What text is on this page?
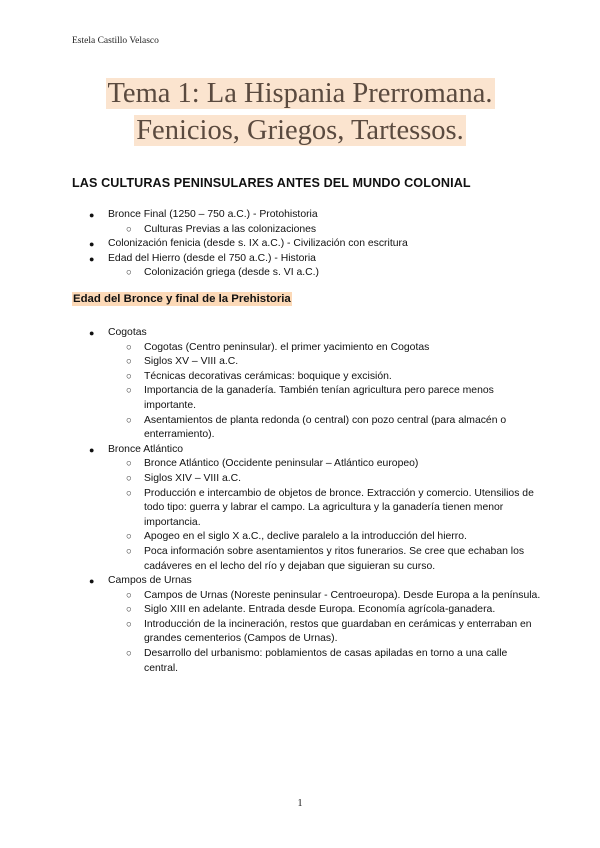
Estela Castillo Velasco
Tema 1: La Hispania Prerromana.
Fenicios, Griegos, Tartessos.
LAS CULTURAS PENINSULARES ANTES DEL MUNDO COLONIAL
● Bronce Final (1250 – 750 a.C.) - Protohistoria
○ Culturas Previas a las colonizaciones
● Colonización fenicia (desde s. IX a.C.) - Civilización con escritura
● Edad del Hierro (desde el 750 a.C.) - Historia
○ Colonización griega (desde s. VI a.C.)
Edad del Bronce y final de la Prehistoria
● Cogotas
○ Cogotas (Centro peninsular). el primer yacimiento en Cogotas
○ Siglos XV – VIII a.C.
○ Técnicas decorativas cerámicas: boquique y excisión.
○ Importancia de la ganadería. También tenían agricultura pero parece menos importante.
○ Asentamientos de planta redonda (o central) con pozo central (para almacén o enterramiento).
● Bronce Atlántico
○ Bronce Atlántico (Occidente peninsular – Atlántico europeo)
○ Siglos XIV – VIII a.C.
○ Producción e intercambio de objetos de bronce. Extracción y comercio. Utensilios de todo tipo: guerra y labrar el campo. La agricultura y la ganadería tienen menor importancia.
○ Apogeo en el siglo X a.C., declive paralelo a la introducción del hierro.
○ Poca información sobre asentamientos y ritos funerarios. Se cree que echaban los cadáveres en el lecho del río y dejaban que siguieran su curso.
● Campos de Urnas
○ Campos de Urnas (Noreste peninsular - Centroeuropa). Desde Europa a la península.
○ Siglo XIII en adelante. Entrada desde Europa. Economía agrícola-ganadera.
○ Introducción de la incineración, restos que guardaban en cerámicas y enterraban en grandes cementerios (Campos de Urnas).
○ Desarrollo del urbanismo: poblamientos de casas apiladas en torno a una calle central.
1
